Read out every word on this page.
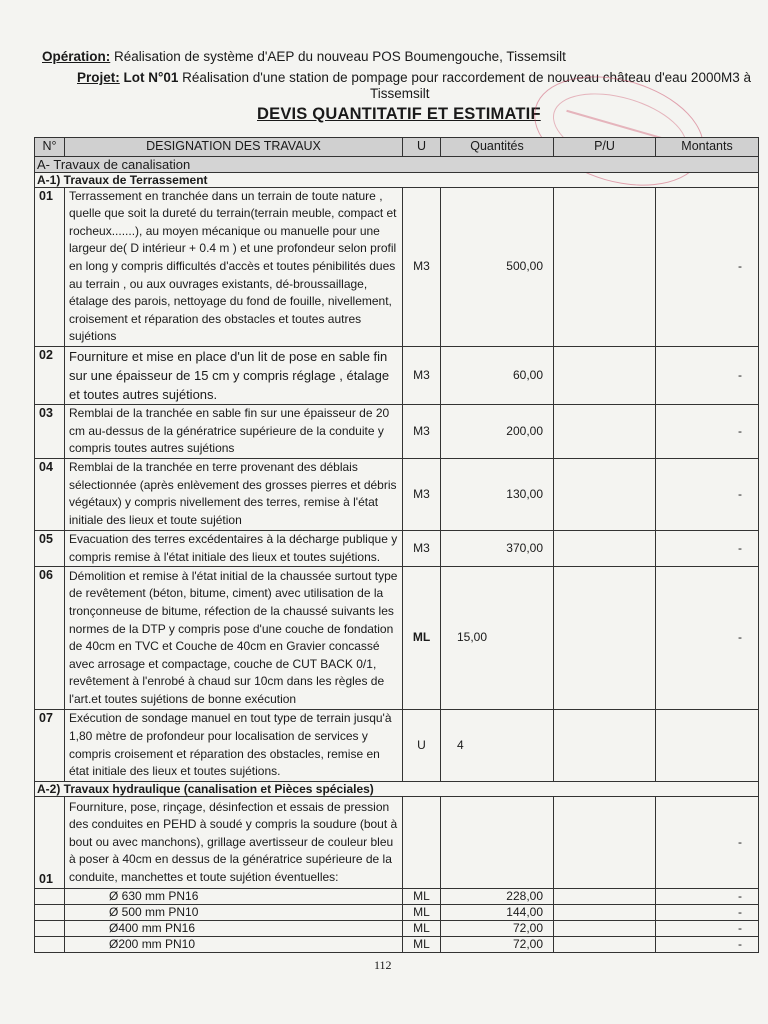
Opération: Réalisation de système d'AEP du nouveau POS Boumengouche, Tissemsilt
Projet: Lot N°01 Réalisation d'une station de pompage pour raccordement de nouveau château d'eau 2000M3 à
Tissemsilt
DEVIS QUANTITATIF ET ESTIMATIF
N°	DESIGNATION DES TRAVAUX	U	Quantités	P/U	Montants
A- Travaux de canalisation					
A-1) Travaux de Terrassement					
01	Terrassement en tranchée dans un terrain de toute nature , quelle que soit la dureté du terrain(terrain meuble, compact et rocheux.......), au moyen mécanique ou manuelle pour une largeur de( D intérieur + 0.4 m ) et une profondeur selon profil en long y compris difficultés d'accès et toutes pénibilités dues au terrain , ou aux ouvrages existants, dé-broussaillage, étalage des parois, nettoyage du fond de fouille, nivellement, croisement et réparation des obstacles et toutes autres sujétions	M3	500,00		-
02	Fourniture et mise en place d'un lit de pose en sable fin sur une épaisseur de 15 cm y compris réglage , étalage et toutes autres sujétions.	M3	60,00		-
03	Remblai de la tranchée en sable fin sur une épaisseur de 20 cm au-dessus de la génératrice supérieure de la conduite y compris toutes autres sujétions	M3	200,00		-
04	Remblai de la tranchée en terre provenant des déblais sélectionnée (après enlèvement des grosses pierres et débris végétaux) y compris nivellement des terres, remise à l'état initiale des lieux et toute sujétion	M3	130,00		-
05	Evacuation des terres excédentaires à la décharge publique y compris remise à l'état initiale des lieux et toutes sujétions.	M3	370,00		-
06	Démolition et remise à l'état initial de la chaussée surtout type de revêtement (béton, bitume, ciment) avec utilisation de la tronçonneuse de bitume, réfection de la chaussé suivants les normes de la DTP y compris pose d'une couche de fondation de 40cm en TVC et Couche de 40cm en Gravier concassé avec arrosage et compactage, couche de CUT BACK 0/1, revêtement à l'enrobé à chaud sur 10cm dans les règles de l'art.et toutes sujétions de bonne exécution	ML	15,00		-
07	Exécution de sondage manuel en tout type de terrain jusqu'à 1,80 mètre de profondeur pour localisation de services y compris croisement et réparation des obstacles, remise en état initiale des lieux et toutes sujétions.	U	4		
A-2) Travaux hydraulique (canalisation et Pièces spéciales)					
01	Fourniture, pose, rinçage, désinfection et essais de pression des conduites en PEHD à soudé y compris la soudure (bout à bout ou avec manchons), grillage avertisseur de couleur bleu à poser à 40cm en dessus de la génératrice supérieure de la conduite, manchettes et toute sujétion éventuelles:				-
	Ø 630 mm PN16	ML	228,00		-
	Ø 500 mm PN10	ML	144,00		-
	Ø400 mm PN16	ML	72,00		-
	Ø200 mm PN10	ML	72,00		-
112
